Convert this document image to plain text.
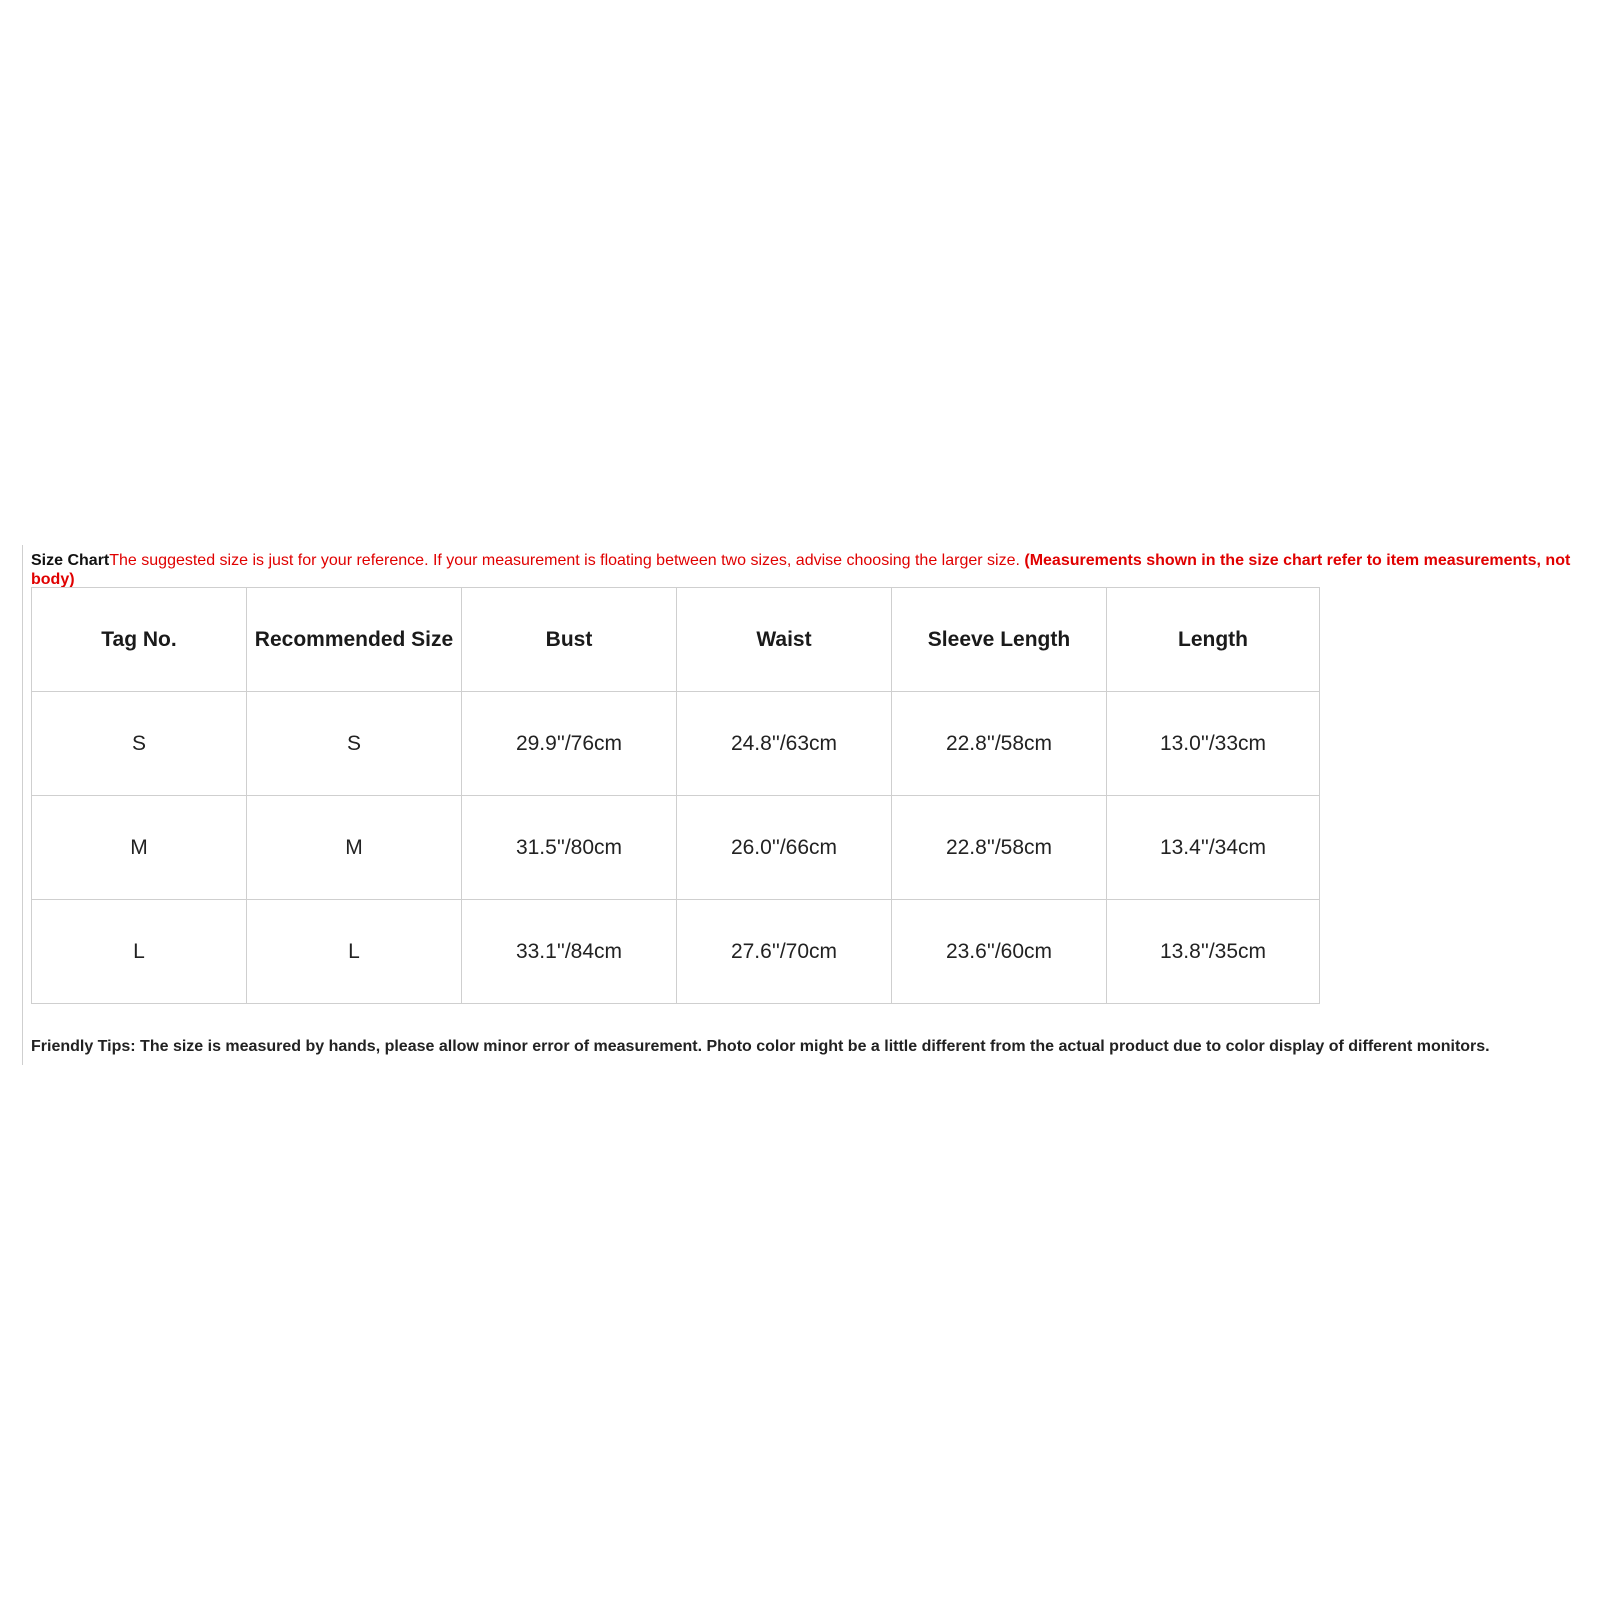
Size ChartThe suggested size is just for your reference. If your measurement is floating between two sizes, advise choosing the larger size. (Measurements shown in the size chart refer to item measurements, not body)
Tag No.	Recommended Size	Bust	Waist	Sleeve Length	Length
S	S	29.9''/76cm	24.8''/63cm	22.8''/58cm	13.0''/33cm
M	M	31.5''/80cm	26.0''/66cm	22.8''/58cm	13.4''/34cm
L	L	33.1''/84cm	27.6''/70cm	23.6''/60cm	13.8''/35cm
Friendly Tips: The size is measured by hands, please allow minor error of measurement. Photo color might be a little different from the actual product due to color display of different monitors.
